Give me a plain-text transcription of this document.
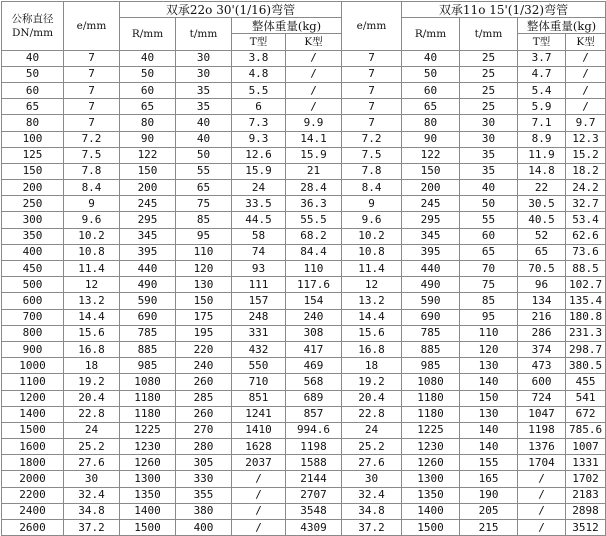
公称直径
DN/mm	e/mm	双承22o 30'(1/16)弯管				e/mm	双承11o 15'(1/32)弯管			
		R/mm	t/mm	整体重量(kg)			R/mm	t/mm	整体重量(kg)	
				T型	K型				T型	K型
40	7	40	30	3.8	/	7	40	25	3.7	/
50	7	50	30	4.8	/	7	50	25	4.7	/
60	7	60	35	5.5	/	7	60	25	5.4	/
65	7	65	35	6	/	7	65	25	5.9	/
80	7	80	40	7.3	9.9	7	80	30	7.1	9.7
100	7.2	90	40	9.3	14.1	7.2	90	30	8.9	12.3
125	7.5	122	50	12.6	15.9	7.5	122	35	11.9	15.2
150	7.8	150	55	15.9	21	7.8	150	35	14.8	18.2
200	8.4	200	65	24	28.4	8.4	200	40	22	24.2
250	9	245	75	33.5	36.3	9	245	50	30.5	32.7
300	9.6	295	85	44.5	55.5	9.6	295	55	40.5	53.4
350	10.2	345	95	58	68.2	10.2	345	60	52	62.6
400	10.8	395	110	74	84.4	10.8	395	65	65	73.6
450	11.4	440	120	93	110	11.4	440	70	70.5	88.5
500	12	490	130	111	117.6	12	490	75	96	102.7
600	13.2	590	150	157	154	13.2	590	85	134	135.4
700	14.4	690	175	248	240	14.4	690	95	216	180.8
800	15.6	785	195	331	308	15.6	785	110	286	231.3
900	16.8	885	220	432	417	16.8	885	120	374	298.7
1000	18	985	240	550	469	18	985	130	473	380.5
1100	19.2	1080	260	710	568	19.2	1080	140	600	455
1200	20.4	1180	285	851	689	20.4	1180	150	724	541
1400	22.8	1180	260	1241	857	22.8	1180	130	1047	672
1500	24	1225	270	1410	994.6	24	1225	140	1198	785.6
1600	25.2	1230	280	1628	1198	25.2	1230	140	1376	1007
1800	27.6	1260	305	2037	1588	27.6	1260	155	1704	1331
2000	30	1300	330	/	2144	30	1300	165	/	1702
2200	32.4	1350	355	/	2707	32.4	1350	190	/	2183
2400	34.8	1400	380	/	3548	34.8	1400	205	/	2898
2600	37.2	1500	400	/	4309	37.2	1500	215	/	3512
